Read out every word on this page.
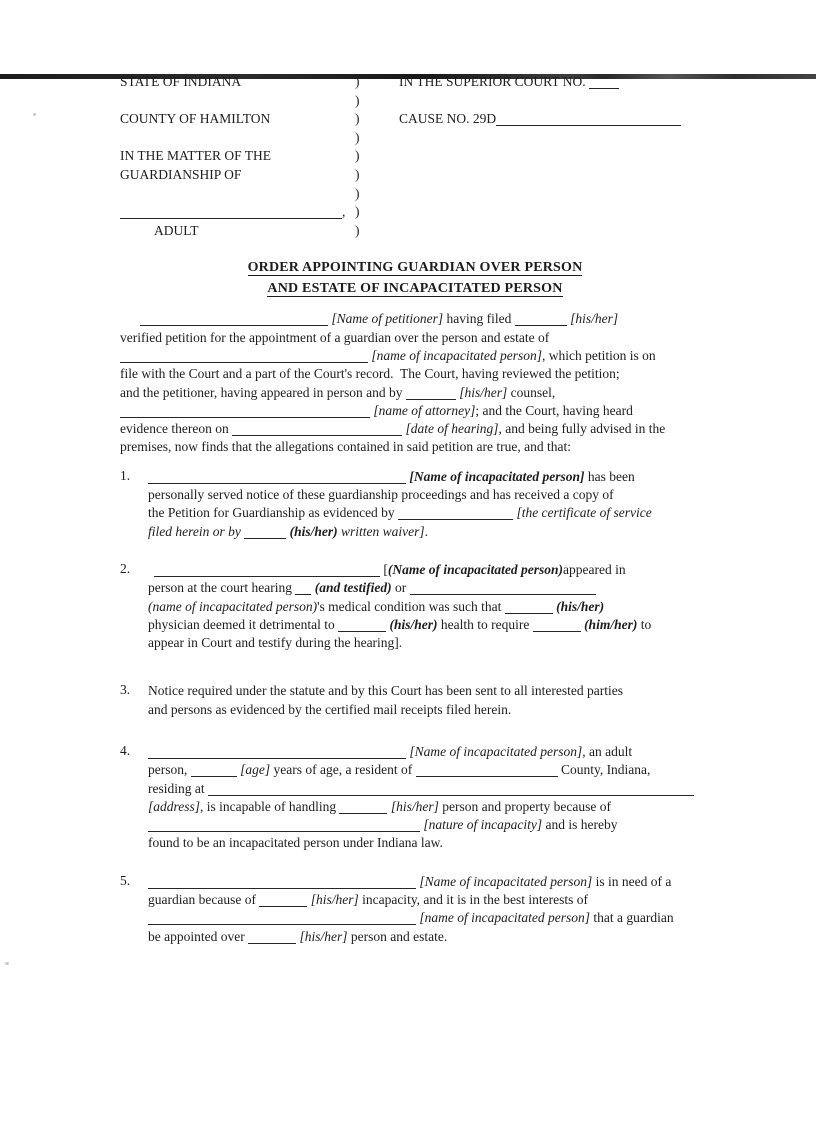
STATE OF INDIANA	)	IN THE SUPERIOR COURT NO.
)
COUNTY OF HAMILTON	)	CAUSE NO. 29D
)
IN THE MATTER OF THE	)
GUARDIANSHIP OF	)
)
, )
ADULT	)
ORDER APPOINTING GUARDIAN OVER PERSON
AND ESTATE OF INCAPACITATED PERSON
[Name of petitioner] having filed	[his/her]
verified petition for the appointment of a guardian over the person and estate of
[name of incapacitated person], which petition is on
file with the Court and a part of the Court's record.  The Court, having reviewed the petition;
and the petitioner, having appeared in person and by	[his/her] counsel,
[name of attorney]; and the Court, having heard
evidence thereon on	[date of hearing], and being fully advised in the
premises, now finds that the allegations contained in said petition are true, and that:
1.	[Name of incapacitated person] has been
personally served notice of these guardianship proceedings and has received a copy of
the Petition for Guardianship as evidenced by	[the certificate of service
filed herein or by	(his/her) written waiver].
2.	[(Name of incapacitated person)appeared in
person at the court hearing  (and testified) or
(name of incapacitated person)'s medical condition was such that	(his/her)
physician deemed it detrimental to	(his/her) health to require	(him/her) to
appear in Court and testify during the hearing].
3.	Notice required under the statute and by this Court has been sent to all interested parties
and persons as evidenced by the certified mail receipts filed herein.
4.	[Name of incapacitated person], an adult
person,	[age] years of age, a resident of	County, Indiana,
residing at
[address], is incapable of handling	[his/her] person and property because of
[nature of incapacity] and is hereby
found to be an incapacitated person under Indiana law.
5.	[Name of incapacitated person] is in need of a
guardian because of	[his/her] incapacity, and it is in the best interests of
[name of incapacitated person] that a guardian
be appointed over	[his/her] person and estate.
